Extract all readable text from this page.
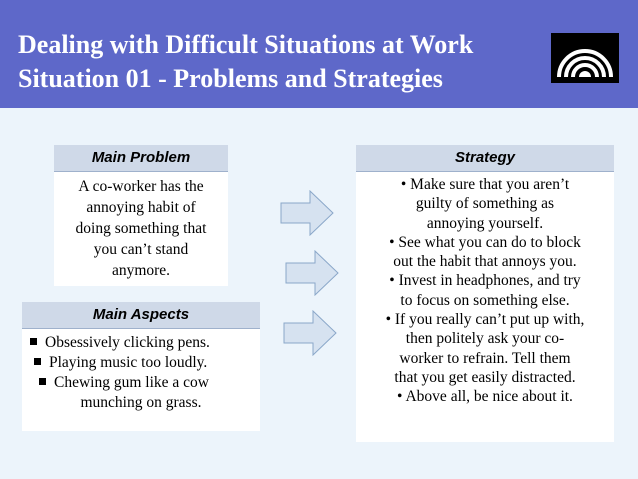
Dealing with Difficult Situations at Work
Situation 01 - Problems and Strategies
Main Problem
A co-worker has the
annoying habit of
doing something that
you can’t stand
anymore.
Main Aspects
Obsessively clicking pens.
Playing music too loudly.
Chewing gum like a cow
munching on grass.
Strategy
• Make sure that you aren’t
guilty of something as
annoying yourself.
• See what you can do to block
out the habit that annoys you.
• Invest in headphones, and try
to focus on something else.
• If you really can’t put up with,
then politely ask your co-
worker to refrain. Tell them
that you get easily distracted.
• Above all, be nice about it.
